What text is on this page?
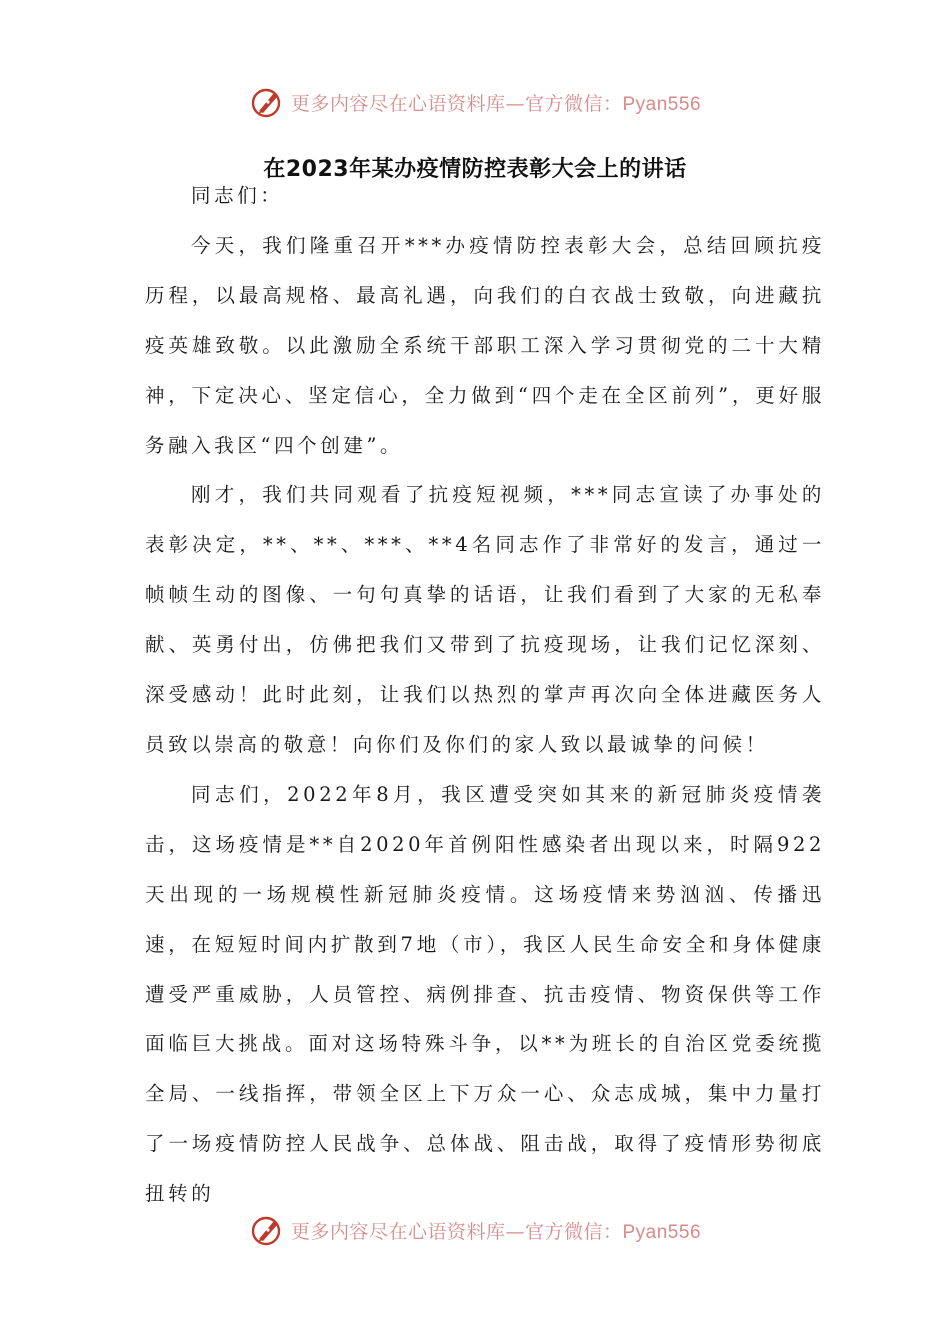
更多内容尽在心语资料库—官方微信：Pyan556
在2023年某办疫情防控表彰大会上的讲话

同志们：

今天，我们隆重召开***办疫情防控表彰大会，总结回顾抗疫历程，以最高规格、最高礼遇，向我们的白衣战士致敬，向进藏抗疫英雄致敬。以此激励全系统干部职工深入学习贯彻党的二十大精神，下定决心、坚定信心，全力做到“四个走在全区前列”，更好服务融入我区“四个创建”。

刚才，我们共同观看了抗疫短视频，***同志宣读了办事处的表彰决定，**、**、***、**4名同志作了非常好的发言，通过一帧帧生动的图像、一句句真挚的话语，让我们看到了大家的无私奉献、英勇付出，仿佛把我们又带到了抗疫现场，让我们记忆深刻、深受感动！此时此刻，让我们以热烈的掌声再次向全体进藏医务人员致以崇高的敬意！向你们及你们的家人致以最诚挚的问候！

同志们，2022年8月，我区遭受突如其来的新冠肺炎疫情袭击，这场疫情是**自2020年首例阳性感染者出现以来，时隔922天出现的一场规模性新冠肺炎疫情。这场疫情来势汹汹、传播迅速，在短短时间内扩散到7地（市），我区人民生命安全和身体健康遭受严重威胁，人员管控、病例排查、抗击疫情、物资保供等工作面临巨大挑战。面对这场特殊斗争，以**为班长的自治区党委统揽全局、一线指挥，带领全区上下万众一心、众志成城，集中力量打了一场疫情防控人民战争、总体战、阻击战，取得了疫情形势彻底扭转的

更多内容尽在心语资料库—官方微信：Pyan556
